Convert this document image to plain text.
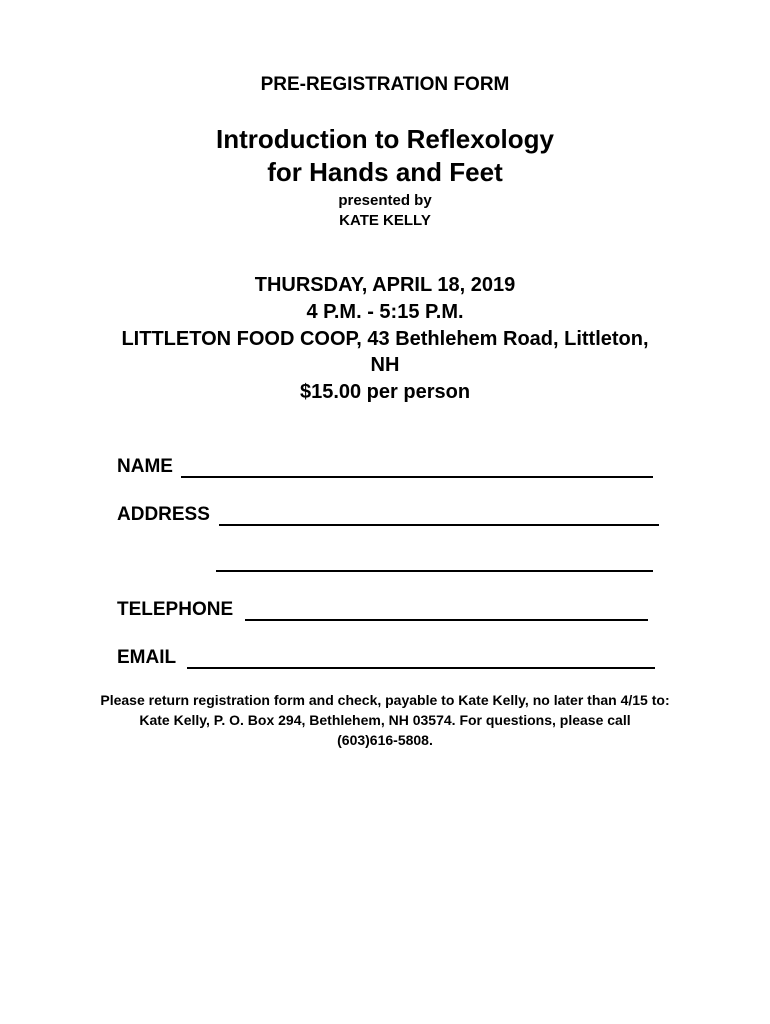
PRE-REGISTRATION FORM
Introduction to Reflexology
for Hands and Feet
presented by
KATE KELLY
THURSDAY, APRIL 18, 2019
4 P.M. - 5:15 P.M.
LITTLETON FOOD COOP, 43 Bethlehem Road, Littleton,
NH
$15.00 per person
NAME
ADDRESS
TELEPHONE
EMAIL
Please return registration form and check, payable to Kate Kelly, no later than 4/15 to:
Kate Kelly, P. O. Box 294, Bethlehem, NH 03574. For questions, please call
(603)616-5808.
